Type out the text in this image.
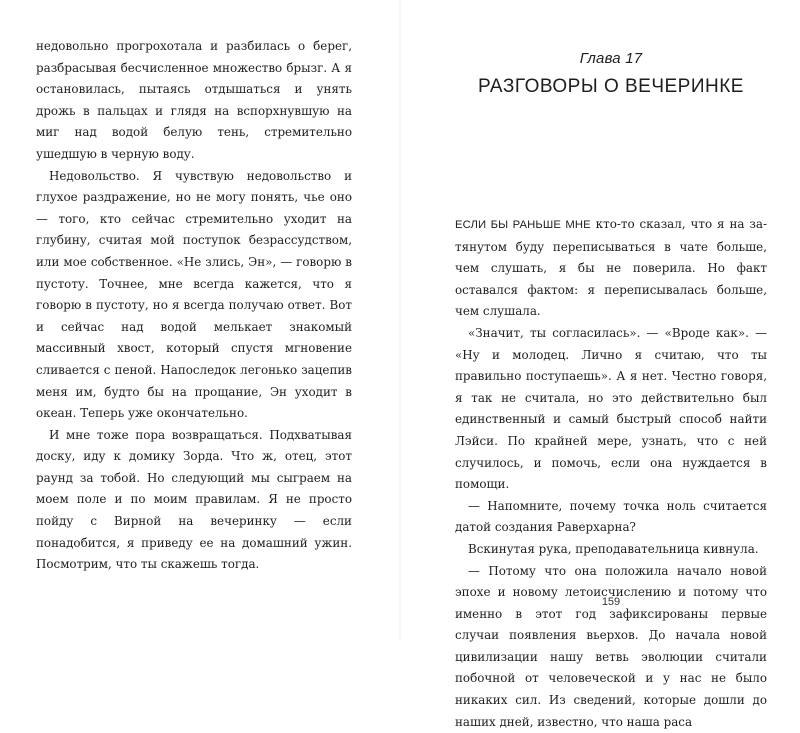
недовольно прогрохотала и разбилась о берег, разбрасывая бесчисленное множество брызг. А я остановилась, пытаясь отдышаться и унять дрожь в пальцах и глядя на вспорхнувшую на миг над водой белую тень, стремительно ушедшую в черную воду.

Недовольство. Я чувствую недовольство и глухое раздражение, но не могу понять, чье оно — того, кто сейчас стремительно уходит на глубину, считая мой поступок безрассудством, или мое собственное. «Не злись, Эн», — говорю в пустоту. Точнее, мне всегда кажется, что я говорю в пустоту, но я всегда получаю ответ. Вот и сейчас над водой мелькает знакомый массивный хвост, который спустя мгновение сливается с пеной. Напоследок легонько зацепив меня им, будто бы на прощание, Эн уходит в океан. Теперь уже окончательно.

И мне тоже пора возвращаться. Подхватывая доску, иду к домику Зорда. Что ж, отец, этот раунд за тобой. Но следующий мы сыграем на моем поле и по моим правилам. Я не просто пойду с Вирной на вечеринку — если понадобится, я приведу ее на домашний ужин. Посмотрим, что ты скажешь тогда.

Глава 17
РАЗГОВОРЫ О ВЕЧЕРИНКЕ

ЕСЛИ БЫ РАНЬШЕ МНЕ кто-то сказал, что я на затянутом буду переписываться в чате больше, чем слушать, я бы не поверила. Но факт оставался фактом: я переписывалась больше, чем слушала.

«Значит, ты согласилась». — «Вроде как». — «Ну и молодец. Лично я считаю, что ты правильно поступаешь». А я нет. Честно говоря, я так не считала, но это действительно был единственный и самый быстрый способ найти Лэйси. По крайней мере, узнать, что с ней случилось, и помочь, если она нуждается в помощи.

— Напомните, почему точка ноль считается датой создания Раверхарна?

Вскинутая рука, преподавательница кивнула.

— Потому что она положила начало новой эпохе и новому летоисчислению и потому что именно в этот год зафиксированы первые случаи появления вьерхов. До начала новой цивилизации нашу ветвь эволюции считали побочной от человеческой и у нас не было никаких сил. Из сведений, которые дошли до наших дней, известно, что наша раса

159
